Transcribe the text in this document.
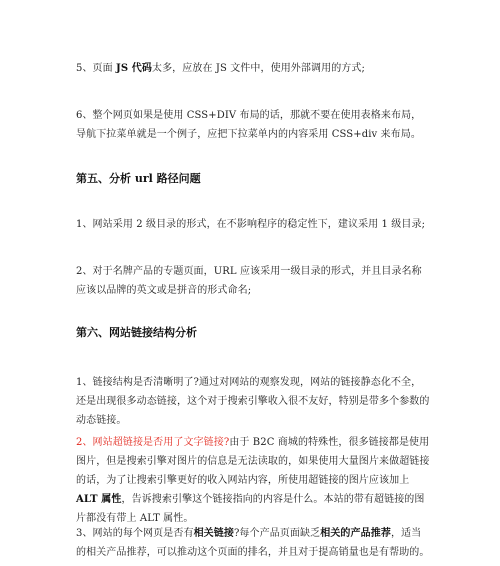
5、页面 JS 代码太多，应放在 JS 文件中，使用外部调用的方式;

6、整个网页如果是使用 CSS+DIV 布局的话，那就不要在使用表格来布局，导航下拉菜单就是一个例子，应把下拉菜单内的内容采用 CSS+div 来布局。

第五、分析 url 路径问题

1、网站采用 2 级目录的形式，在不影响程序的稳定性下，建议采用 1 级目录;

2、对于名牌产品的专题页面，URL 应该采用一级目录的形式，并且目录名称应该以品牌的英文或是拼音的形式命名;

第六、网站链接结构分析

1、链接结构是否清晰明了?通过对网站的观察发现，网站的链接静态化不全，还是出现很多动态链接，这个对于搜索引擎收入很不友好，特别是带多个参数的动态链接。

2、网站超链接是否用了文字链接?由于 B2C 商城的特殊性，很多链接都是使用图片，但是搜索引擎对图片的信息是无法读取的，如果使用大量图片来做超链接的话，为了让搜索引擎更好的收入网站内容，所使用超链接的图片应该加上 ALT 属性，告诉搜索引擎这个链接指向的内容是什么。本站的带有超链接的图片都没有带上 ALT 属性。

3、网站的每个网页是否有相关链接?每个产品页面缺乏相关的产品推荐，适当的相关产品推荐，可以推动这个页面的排名，并且对于提高销量也是有帮助的。
